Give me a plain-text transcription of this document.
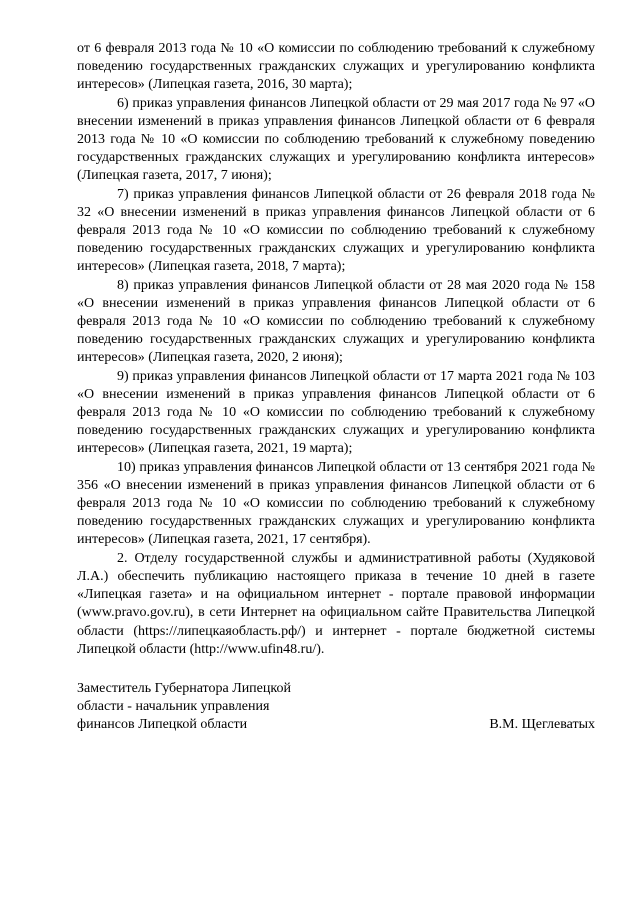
от 6 февраля 2013 года № 10 «О комиссии по соблюдению требований к служебному поведению государственных гражданских служащих и урегулированию конфликта интересов» (Липецкая газета, 2016, 30 марта);

6) приказ управления финансов Липецкой области от 29 мая 2017 года № 97 «О внесении изменений в приказ управления финансов Липецкой области от 6 февраля 2013 года № 10 «О комиссии по соблюдению требований к служебному поведению государственных гражданских служащих и урегулированию конфликта интересов» (Липецкая газета, 2017, 7 июня);

7) приказ управления финансов Липецкой области от 26 февраля 2018 года № 32 «О внесении изменений в приказ управления финансов Липецкой области от 6 февраля 2013 года № 10 «О комиссии по соблюдению требований к служебному поведению государственных гражданских служащих и урегулированию конфликта интересов» (Липецкая газета, 2018, 7 марта);

8) приказ управления финансов Липецкой области от 28 мая 2020 года № 158 «О внесении изменений в приказ управления финансов Липецкой области от 6 февраля 2013 года № 10 «О комиссии по соблюдению требований к служебному поведению государственных гражданских служащих и урегулированию конфликта интересов» (Липецкая газета, 2020, 2 июня);

9) приказ управления финансов Липецкой области от 17 марта 2021 года № 103 «О внесении изменений в приказ управления финансов Липецкой области от 6 февраля 2013 года № 10 «О комиссии по соблюдению требований к служебному поведению государственных гражданских служащих и урегулированию конфликта интересов» (Липецкая газета, 2021, 19 марта);

10) приказ управления финансов Липецкой области от 13 сентября 2021 года № 356 «О внесении изменений в приказ управления финансов Липецкой области от 6 февраля 2013 года № 10 «О комиссии по соблюдению требований к служебному поведению государственных гражданских служащих и урегулированию конфликта интересов» (Липецкая газета, 2021, 17 сентября).

2. Отделу государственной службы и административной работы (Худяковой Л.А.) обеспечить публикацию настоящего приказа в течение 10 дней в газете «Липецкая газета» и на официальном интернет - портале правовой информации (www.pravo.gov.ru), в сети Интернет на официальном сайте Правительства Липецкой области (https://липецкаяобласть.рф/) и интернет - портале бюджетной системы Липецкой области (http://www.ufin48.ru/).

Заместитель Губернатора Липецкой
области - начальник управления
финансов Липецкой области	В.М. Щеглеватых
